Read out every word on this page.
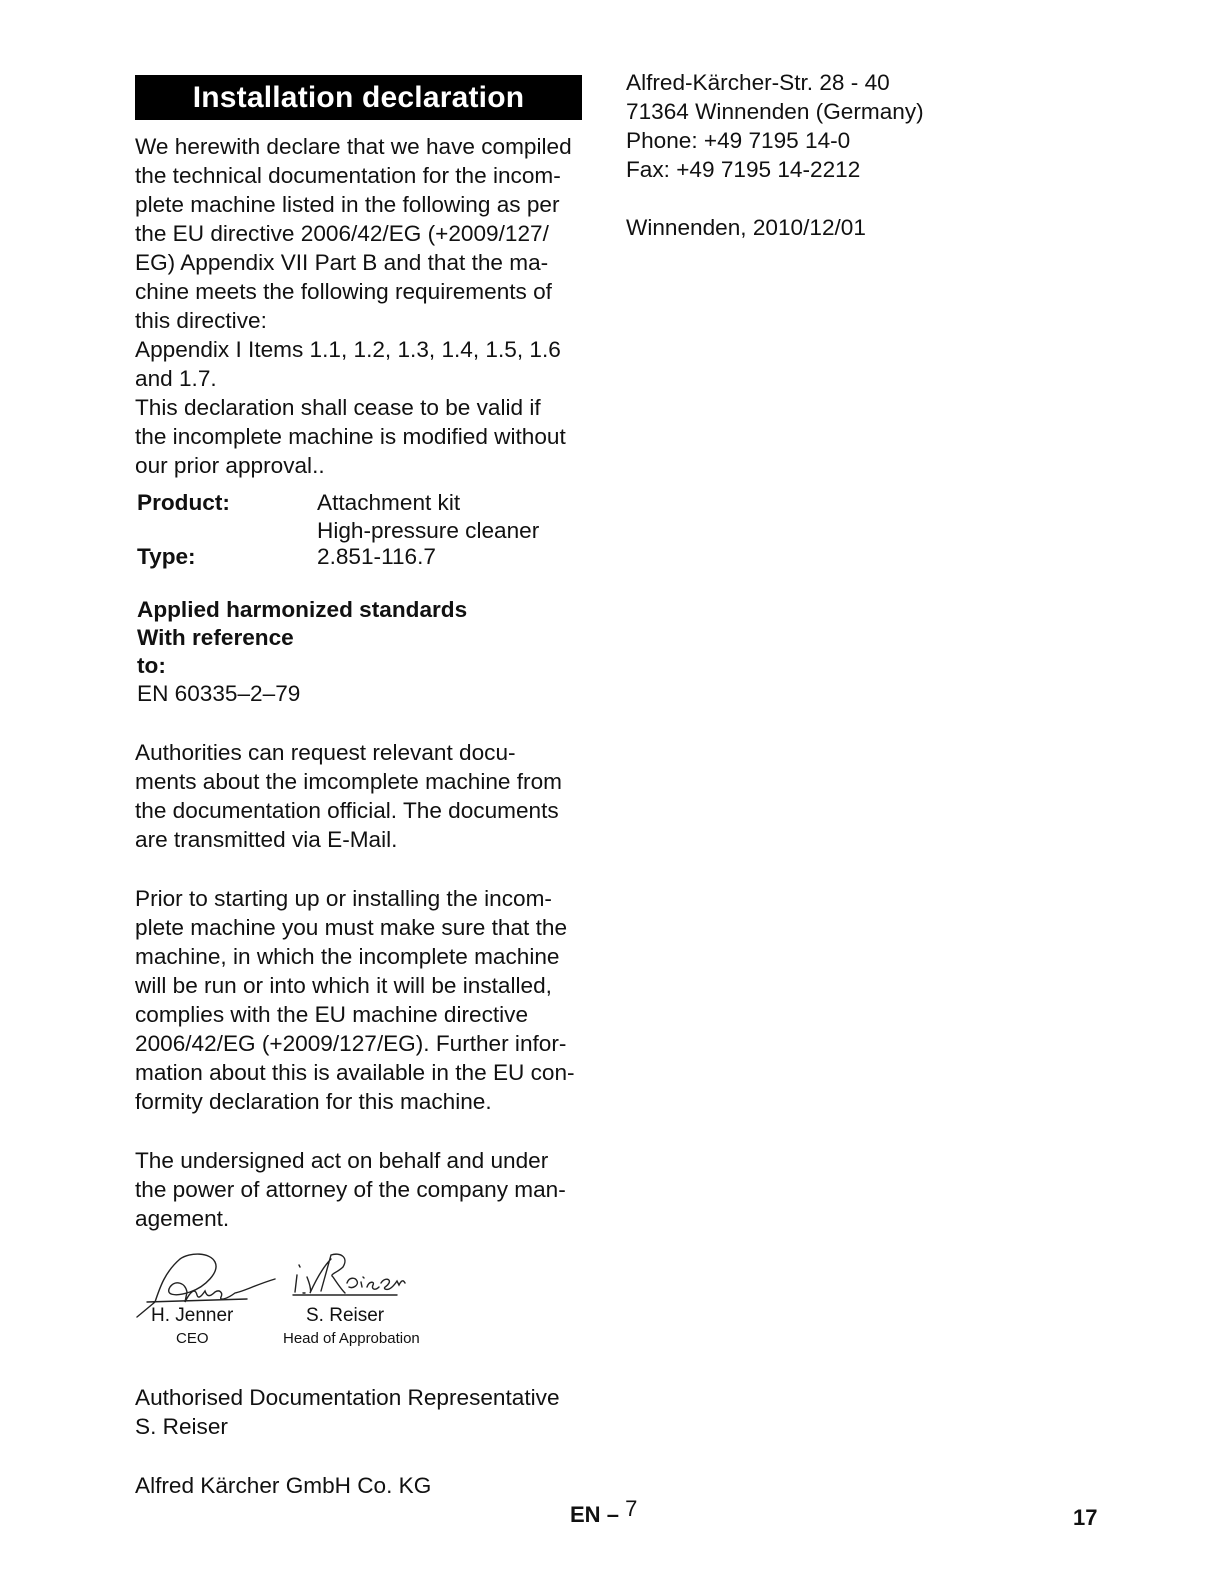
Installation declaration

We herewith declare that we have compiled

the technical documentation for the incom-

plete machine listed in the following as per

the EU directive 2006/42/EG (+2009/127/

EG) Appendix VII Part B and that the ma-

chine meets the following requirements of

this directive:

Appendix I Items 1.1, 1.2, 1.3, 1.4, 1.5, 1.6

and 1.7.

This declaration shall cease to be valid if

the incomplete machine is modified without

our prior approval..

Product:	Attachment kit
High-pressure cleaner
Type:	2.851-116.7
Applied harmonized standards
With reference
to:
EN 60335–2–79

Authorities can request relevant docu-

ments about the imcomplete machine from

the documentation official. The documents

are transmitted via E-Mail.

Prior to starting up or installing the incom-

plete machine you must make sure that the

machine, in which the incomplete machine

will be run or into which it will be installed,

complies with the EU machine directive

2006/42/EG (+2009/127/EG). Further infor-

mation about this is available in the EU con-

formity declaration for this machine.

The undersigned act on behalf and under

the power of attorney of the company man-

agement.

H. Jenner
CEO
S. Reiser
Head of Approbation

Authorised Documentation Representative

S. Reiser

Alfred Kärcher GmbH Co. KG

Alfred-Kärcher-Str. 28 - 40

71364 Winnenden (Germany)

Phone: +49 7195 14-0

Fax: +49 7195 14-2212

Winnenden, 2010/12/01

EN – 7	17
